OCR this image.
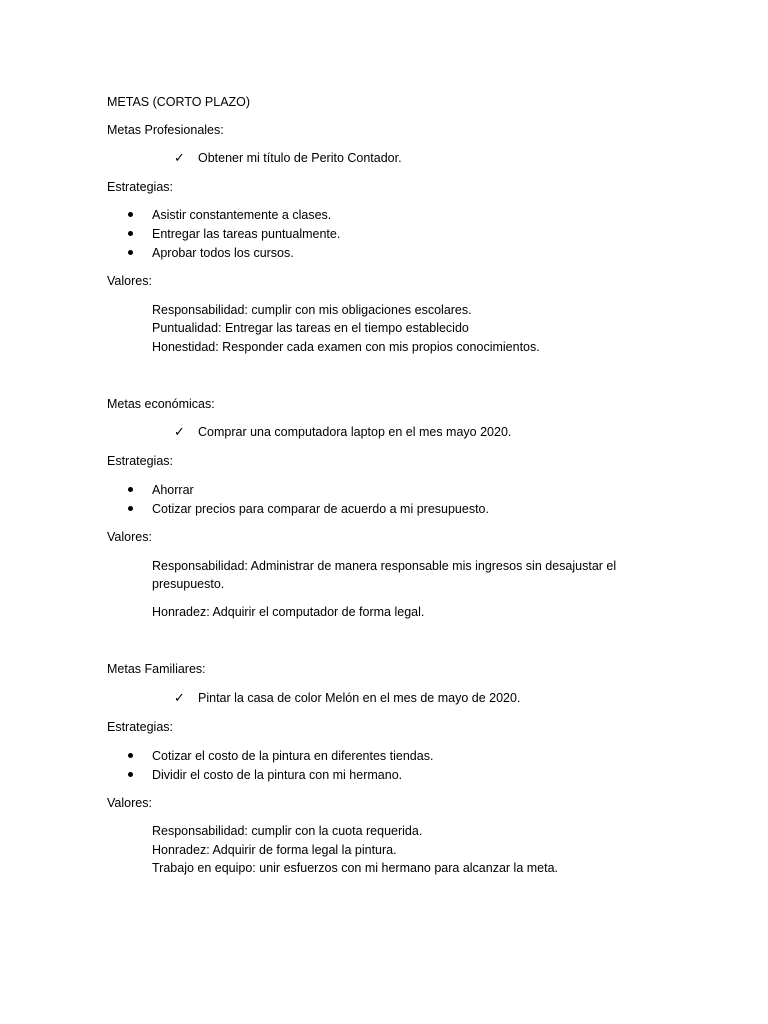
METAS (CORTO PLAZO)
Metas Profesionales:
✓ Obtener mi título de Perito Contador.
Estrategias:
Asistir constantemente a clases.
Entregar las tareas puntualmente.
Aprobar todos los cursos.
Valores:
Responsabilidad: cumplir con mis obligaciones escolares.
Puntualidad: Entregar las tareas en el tiempo establecido
Honestidad: Responder cada examen con mis propios conocimientos.
Metas económicas:
✓ Comprar una computadora laptop en el mes mayo 2020.
Estrategias:
Ahorrar
Cotizar precios para comparar de acuerdo a mi presupuesto.
Valores:
Responsabilidad: Administrar de manera responsable mis ingresos sin desajustar el
presupuesto.
Honradez: Adquirir el computador de forma legal.
Metas Familiares:
✓ Pintar la casa de color Melón en el mes de mayo de 2020.
Estrategias:
Cotizar el costo de la pintura en diferentes tiendas.
Dividir el costo de la pintura con mi hermano.
Valores:
Responsabilidad: cumplir con la cuota requerida.
Honradez: Adquirir de forma legal la pintura.
Trabajo en equipo: unir esfuerzos con mi hermano para alcanzar la meta.
